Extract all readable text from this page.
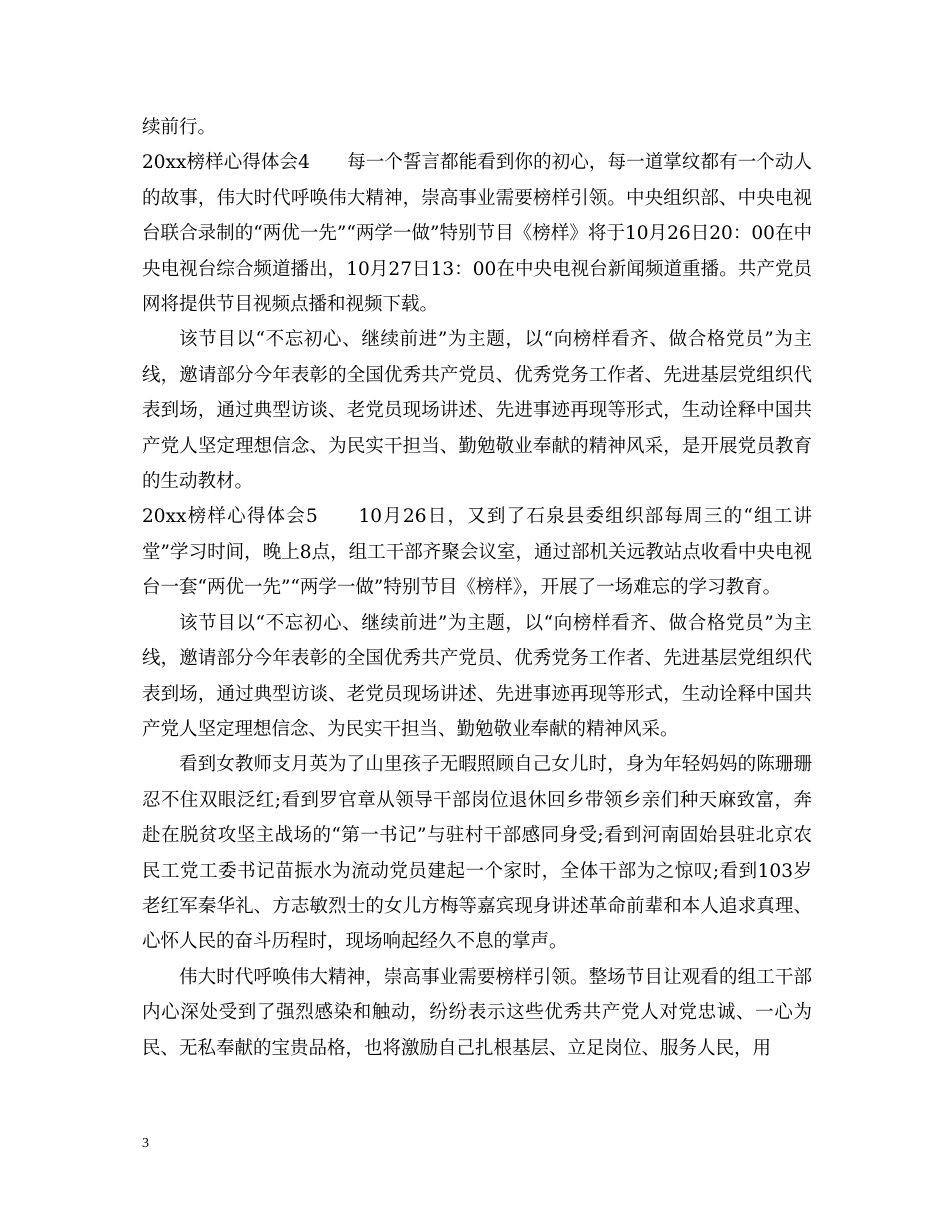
续前行。

20xx榜样心得体会4　　每一个誓言都能看到你的初心，每一道掌纹都有一个动人的故事，伟大时代呼唤伟大精神，崇高事业需要榜样引领。中央组织部、中央电视台联合录制的“两优一先”“两学一做”特别节目《榜样》将于10月26日20：00在中央电视台综合频道播出，10月27日13：00在中央电视台新闻频道重播。共产党员网将提供节目视频点播和视频下载。

该节目以“不忘初心、继续前进”为主题，以“向榜样看齐、做合格党员”为主线，邀请部分今年表彰的全国优秀共产党员、优秀党务工作者、先进基层党组织代表到场，通过典型访谈、老党员现场讲述、先进事迹再现等形式，生动诠释中国共产党人坚定理想信念、为民实干担当、勤勉敬业奉献的精神风采，是开展党员教育的生动教材。

20xx榜样心得体会5　　10月26日，又到了石泉县委组织部每周三的“组工讲堂”学习时间，晚上8点，组工干部齐聚会议室，通过部机关远教站点收看中央电视台一套“两优一先”“两学一做”特别节目《榜样》，开展了一场难忘的学习教育。

该节目以“不忘初心、继续前进”为主题，以“向榜样看齐、做合格党员”为主线，邀请部分今年表彰的全国优秀共产党员、优秀党务工作者、先进基层党组织代表到场，通过典型访谈、老党员现场讲述、先进事迹再现等形式，生动诠释中国共产党人坚定理想信念、为民实干担当、勤勉敬业奉献的精神风采。

看到女教师支月英为了山里孩子无暇照顾自己女儿时，身为年轻妈妈的陈珊珊忍不住双眼泛红;看到罗官章从领导干部岗位退休回乡带领乡亲们种天麻致富，奔赴在脱贫攻坚主战场的“第一书记”与驻村干部感同身受;看到河南固始县驻北京农民工党工委书记苗振水为流动党员建起一个家时，全体干部为之惊叹;看到103岁老红军秦华礼、方志敏烈士的女儿方梅等嘉宾现身讲述革命前辈和本人追求真理、心怀人民的奋斗历程时，现场响起经久不息的掌声。

伟大时代呼唤伟大精神，崇高事业需要榜样引领。整场节目让观看的组工干部内心深处受到了强烈感染和触动，纷纷表示这些优秀共产党人对党忠诚、一心为民、无私奉献的宝贵品格，也将激励自己扎根基层、立足岗位、服务人民，用

3
